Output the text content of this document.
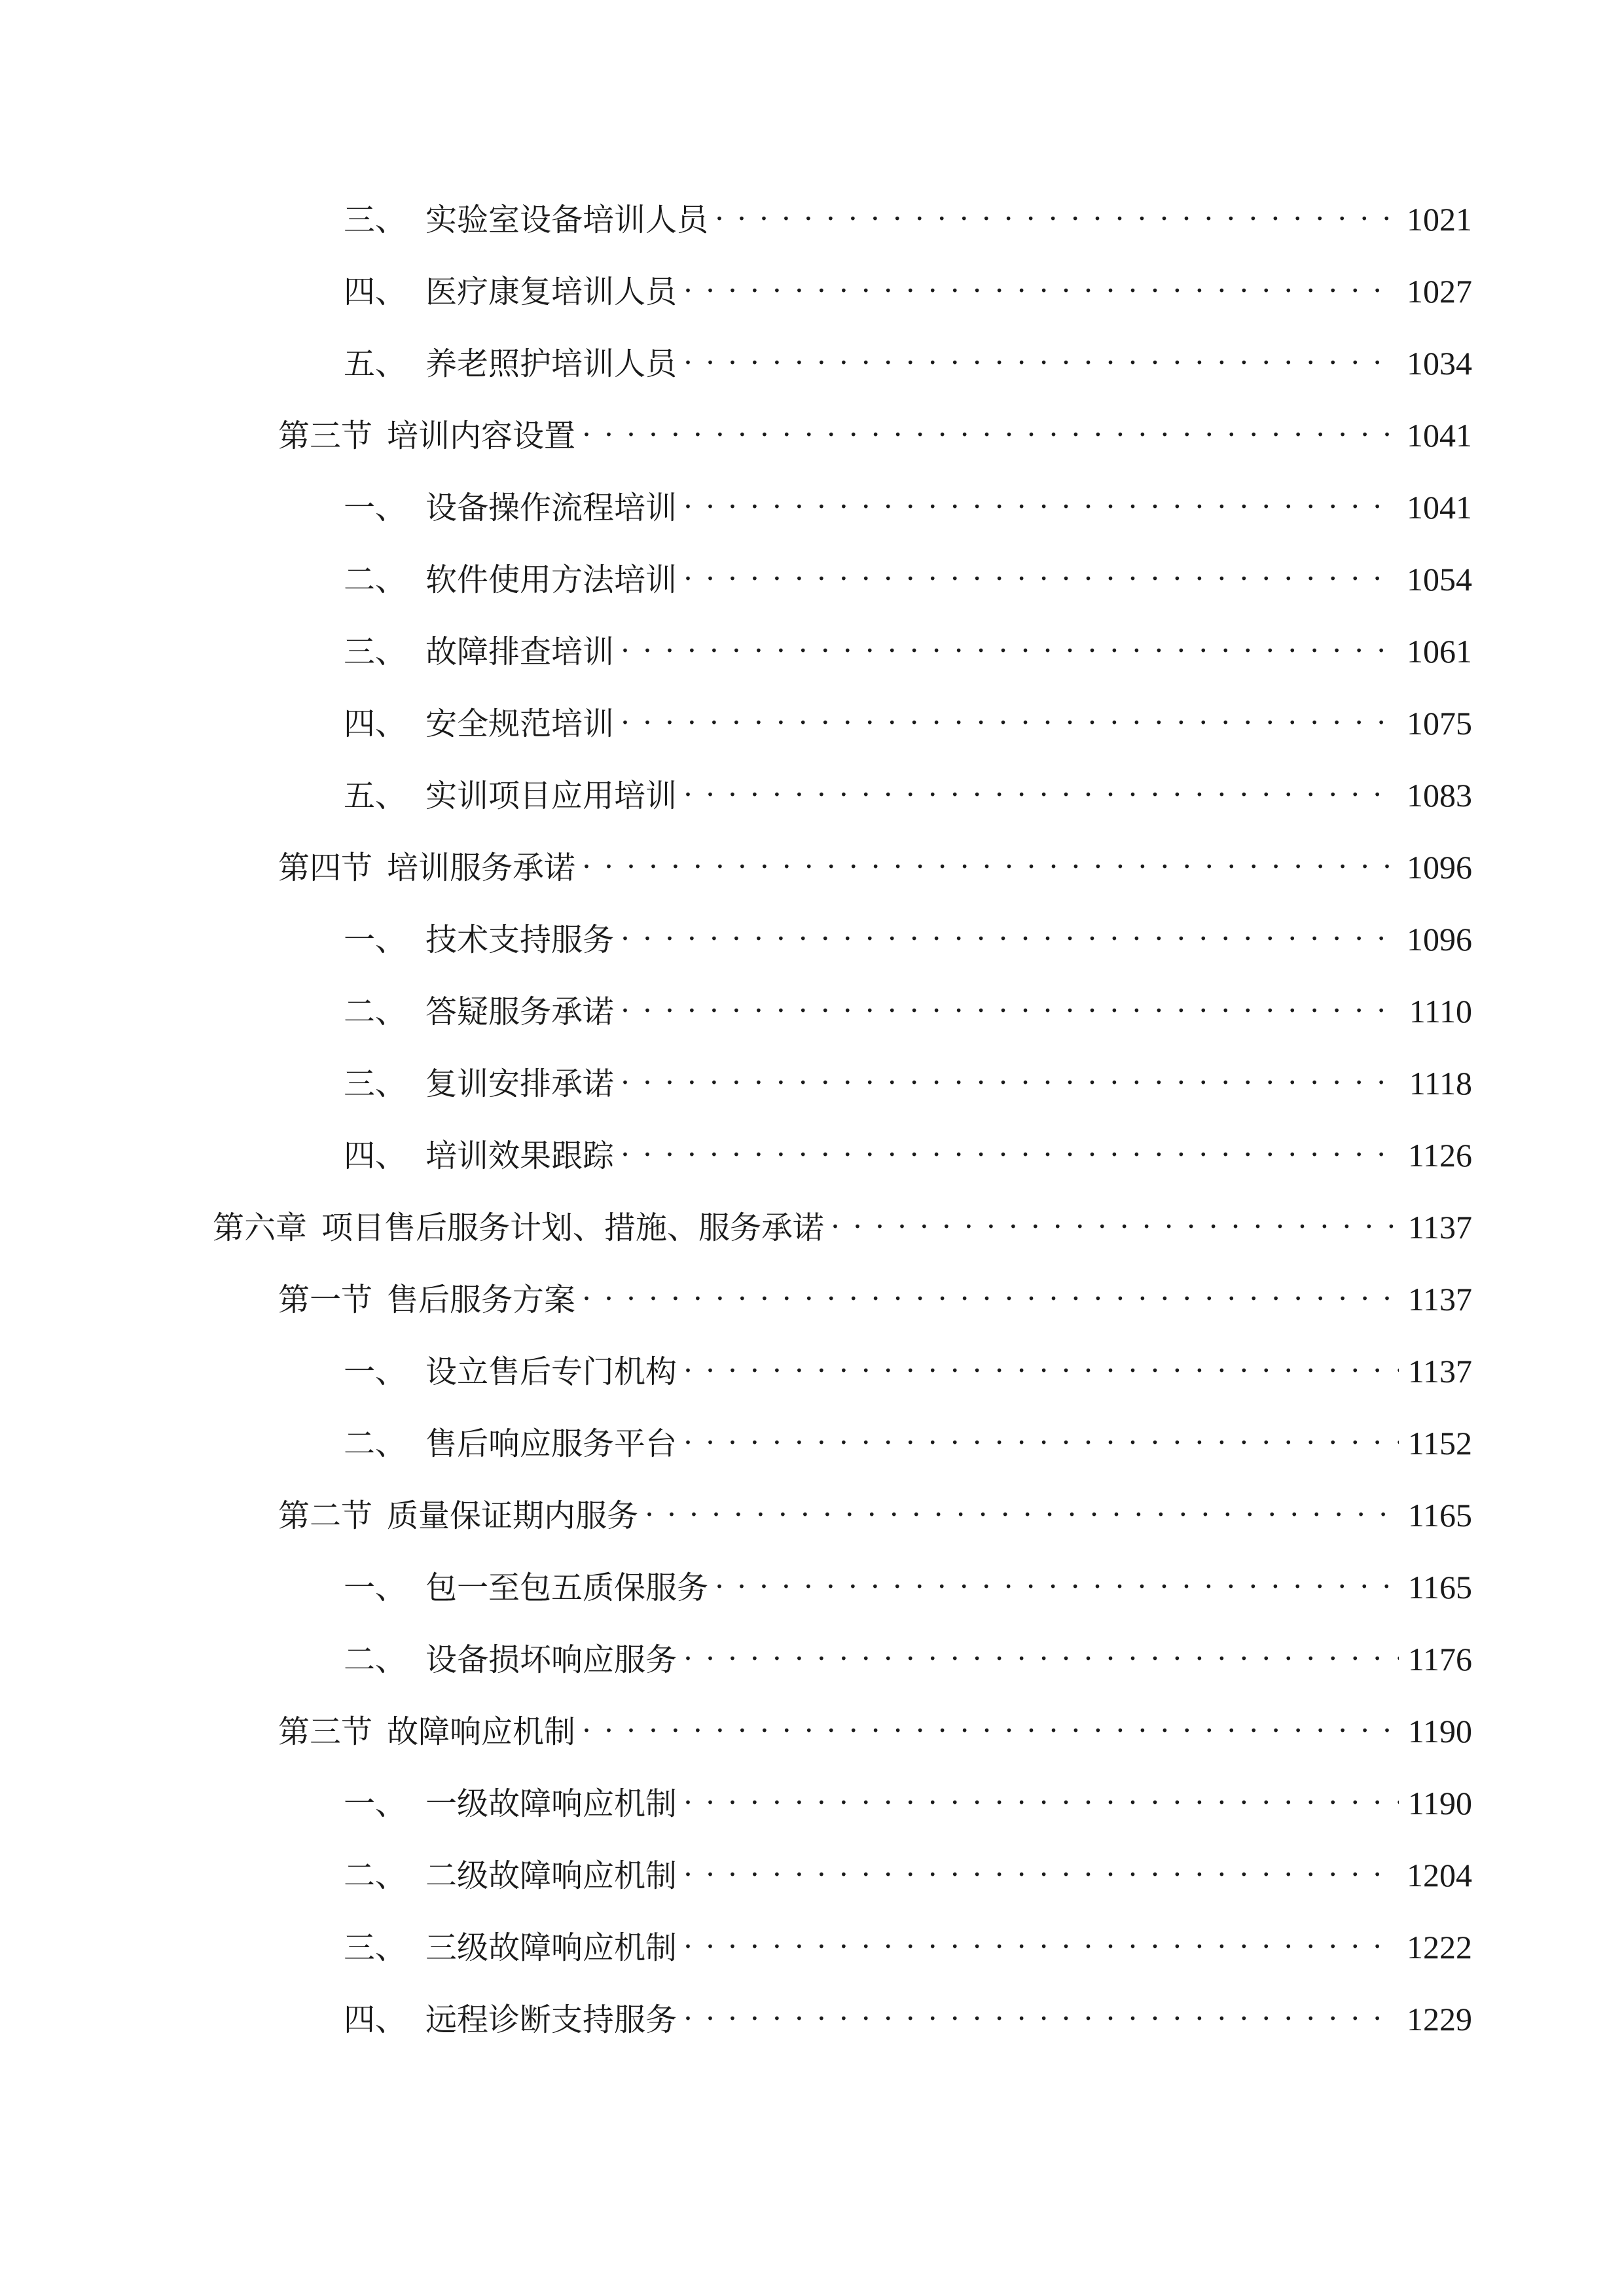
三、 实验室设备培训人员 . . .	1021
四、 医疗康复培训人员 . . .	1027
五、 养老照护培训人员 . . .	1034
第三节 培训内容设置 . . .	1041
一、 设备操作流程培训 . . .	1041
二、 软件使用方法培训 . . .	1054
三、 故障排查培训 . . .	1061
四、 安全规范培训 . . .	1075
五、 实训项目应用培训 . . .	1083
第四节 培训服务承诺 . . .	1096
一、 技术支持服务 . . .	1096
二、 答疑服务承诺 . . .	1110
三、 复训安排承诺 . . .	1118
四、 培训效果跟踪 . . .	1126
第六章 项目售后服务计划、措施、服务承诺 . . .	1137
第一节 售后服务方案 . . .	1137
一、 设立售后专门机构 . . .	1137
二、 售后响应服务平台 . . .	1152
第二节 质量保证期内服务 . . .	1165
一、 包一至包五质保服务 . . .	1165
二、 设备损坏响应服务 . . .	1176
第三节 故障响应机制 . . .	1190
一、 一级故障响应机制 . . .	1190
二、 二级故障响应机制 . . .	1204
三、 三级故障响应机制 . . .	1222
四、 远程诊断支持服务 . . .	1229
